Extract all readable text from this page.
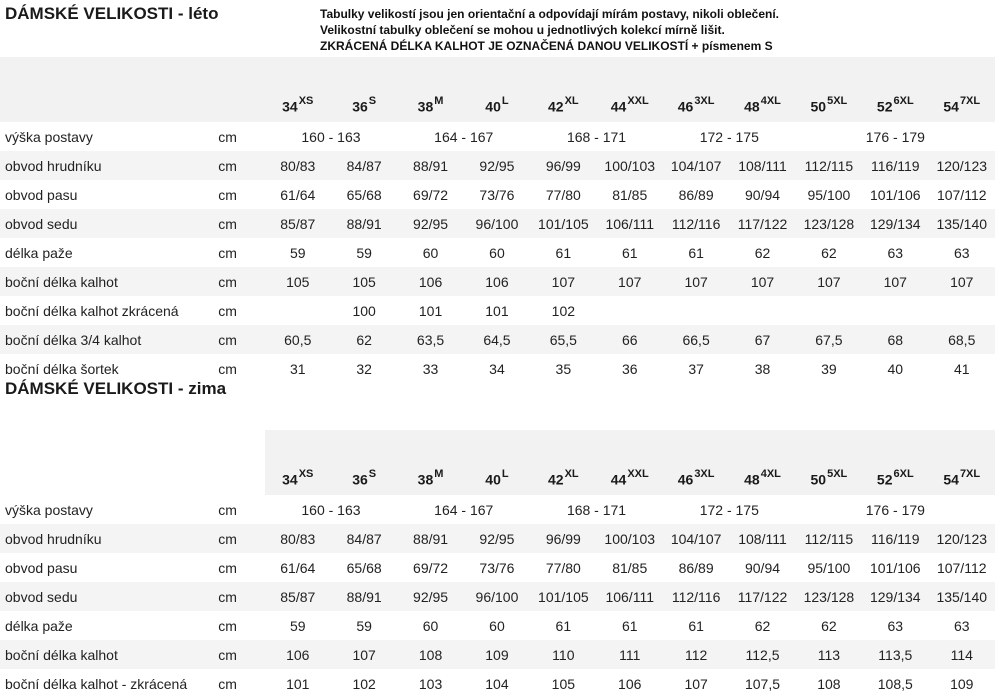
DÁMSKÉ VELIKOSTI - léto	Tabulky velikostí jsou jen orientační a odpovídají mírám postavy, nikoli oblečení.
Velikostní tabulky oblečení se mohou u jednotlivých kolekcí mírně lišit.
ZKRÁCENÁ DÉLKA KALHOT JE OZNAČENÁ DANOU VELIKOSTÍ + písmenem S
		$34^{XS}$	$36^S$	$38^M$	$40^L$	$42^{XL}$	$44^{XXL}$	$46^{3XL}$	$48^{4XL}$	$50^{5XL}$	$52^{6XL}$	$54^{7XL}$
výška postavy	cm	160 - 163		164 - 167		168 - 171		172 - 175		176 - 179		
obvod hrudníku	cm	80/83	84/87	88/91	92/95	96/99	100/103	104/107	108/111	112/115	116/119	120/123
obvod pasu	cm	61/64	65/68	69/72	73/76	77/80	81/85	86/89	90/94	95/100	101/106	107/112
obvod sedu	cm	85/87	88/91	92/95	96/100	101/105	106/111	112/116	117/122	123/128	129/134	135/140
délka paže	cm	59	59	60	60	61	61	61	62	62	63	63
boční délka kalhot	cm	105	105	106	106	107	107	107	107	107	107	107
boční délka kalhot zkrácená	cm		100	101	101	102						
boční délka 3/4 kalhot	cm	60,5	62	63,5	64,5	65,5	66	66,5	67	67,5	68	68,5
boční délka šortek	cm	31	32	33	34	35	36	37	38	39	40	41
DÁMSKÉ VELIKOSTI - zima
		$34^{XS}$	$36^S$	$38^M$	$40^L$	$42^{XL}$	$44^{XXL}$	$46^{3XL}$	$48^{4XL}$	$50^{5XL}$	$52^{6XL}$	$54^{7XL}$
výška postavy	cm	160 - 163		164 - 167		168 - 171		172 - 175		176 - 179		
obvod hrudníku	cm	80/83	84/87	88/91	92/95	96/99	100/103	104/107	108/111	112/115	116/119	120/123
obvod pasu	cm	61/64	65/68	69/72	73/76	77/80	81/85	86/89	90/94	95/100	101/106	107/112
obvod sedu	cm	85/87	88/91	92/95	96/100	101/105	106/111	112/116	117/122	123/128	129/134	135/140
délka paže	cm	59	59	60	60	61	61	61	62	62	63	63
boční délka kalhot	cm	106	107	108	109	110	111	112	112,5	113	113,5	114
boční délka kalhot - zkrácená	cm	101	102	103	104	105	106	107	107,5	108	108,5	109
